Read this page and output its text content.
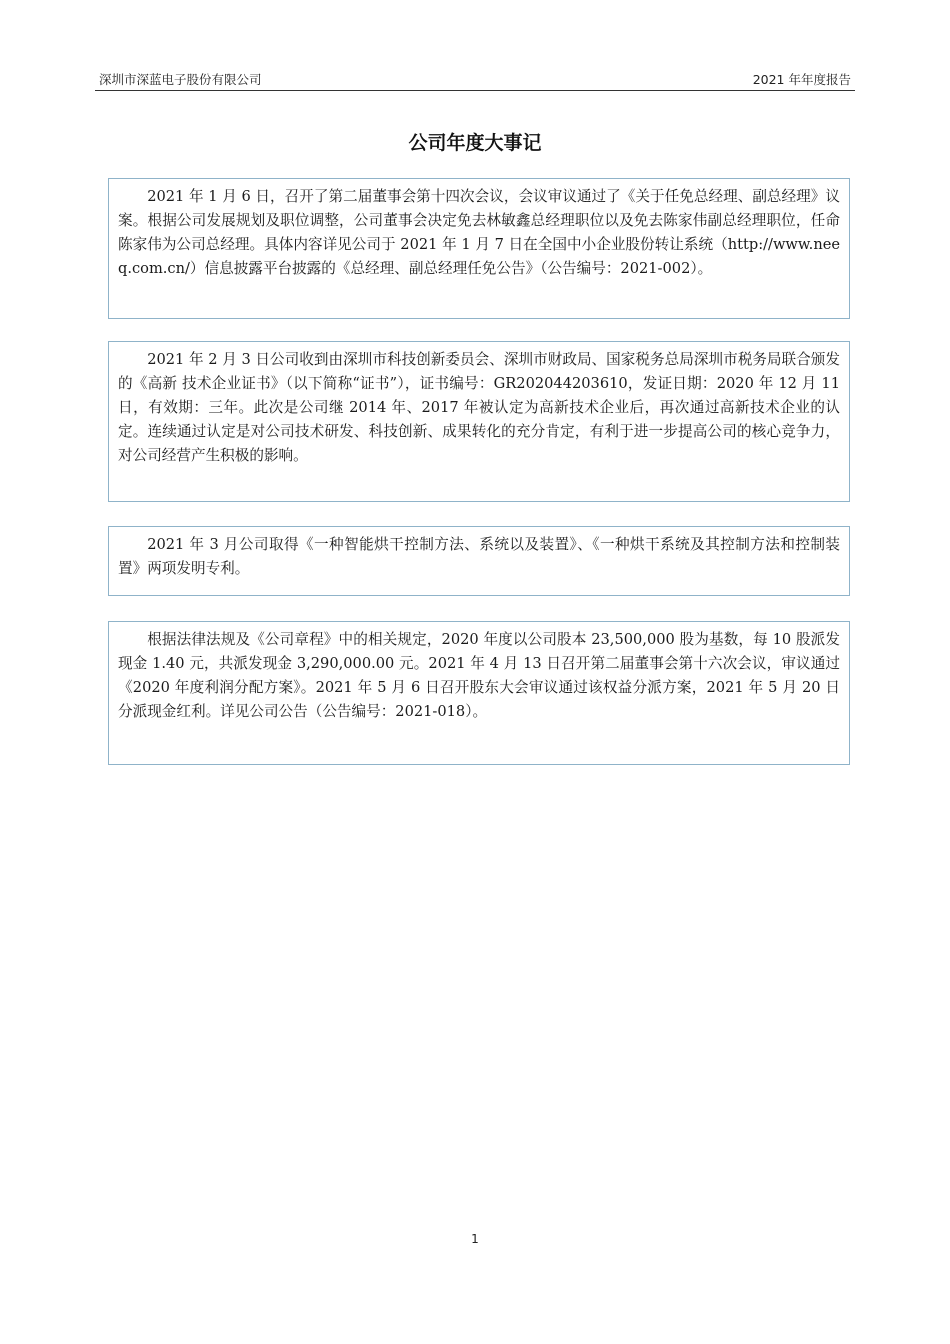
深圳市深蓝电子股份有限公司	2021 年年度报告
公司年度大事记
2021 年 1 月 6 日，召开了第二届董事会第十四次会议，会议审议通过了《关于任免总经理、副总经理》议案。根据公司发展规划及职位调整，公司董事会决定免去林敏鑫总经理职位以及免去陈家伟副总经理职位，任命陈家伟为公司总经理。具体内容详见公司于 2021 年 1 月 7 日在全国中小企业股份转让系统（http://www.neeq.com.cn/）信息披露平台披露的《总经理、副总经理任免公告》（公告编号：2021-002）。
2021 年 2 月 3 日公司收到由深圳市科技创新委员会、深圳市财政局、国家税务总局深圳市税务局联合颁发的《高新 技术企业证书》（以下简称“证书”），证书编号：GR202044203610，发证日期：2020 年 12 月 11 日，有效期：三年。此次是公司继 2014 年、2017 年被认定为高新技术企业后，再次通过高新技术企业的认定。连续通过认定是对公司技术研发、科技创新、成果转化的充分肯定，有利于进一步提高公司的核心竞争力，对公司经营产生积极的影响。
2021 年 3 月公司取得《一种智能烘干控制方法、系统以及装置》、《一种烘干系统及其控制方法和控制装置》两项发明专利。
根据法律法规及《公司章程》中的相关规定，2020 年度以公司股本 23,500,000 股为基数，每 10 股派发现金 1.40 元，共派发现金 3,290,000.00 元。2021 年 4 月 13 日召开第二届董事会第十六次会议，审议通过《2020 年度利润分配方案》。2021 年 5 月 6 日召开股东大会审议通过该权益分派方案，2021 年 5 月 20 日分派现金红利。详见公司公告（公告编号：2021-018）。
1
